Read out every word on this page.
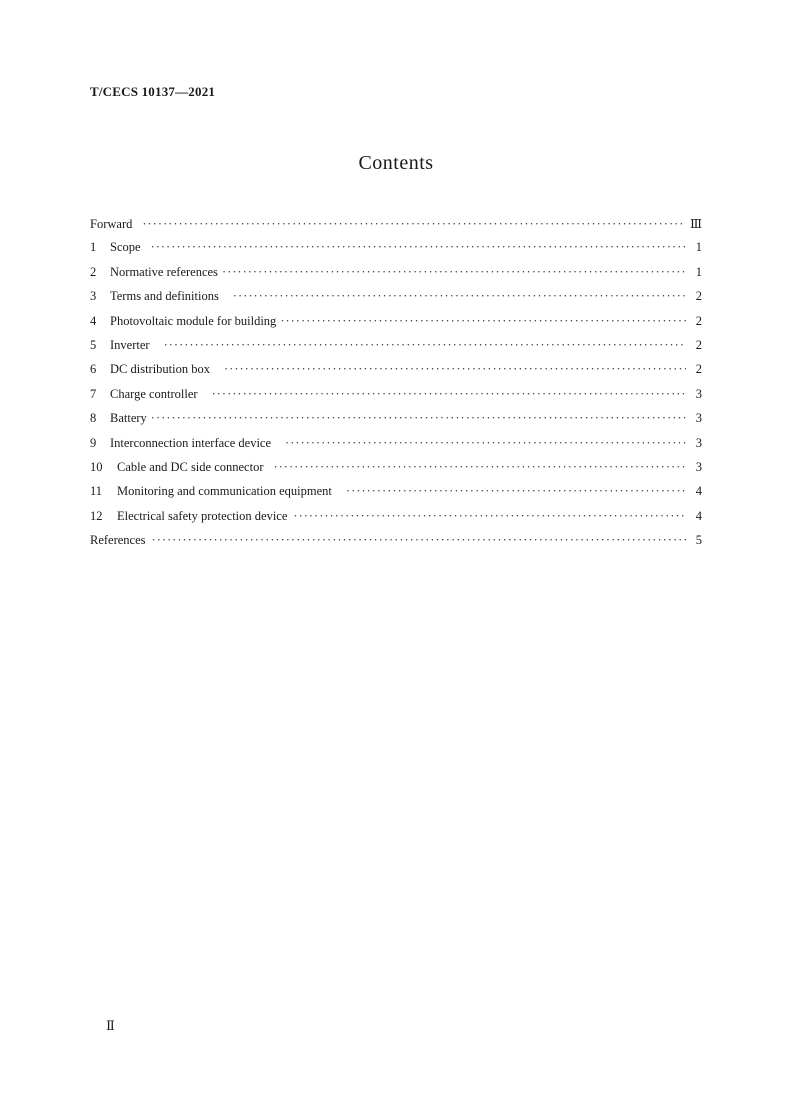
T/CECS 10137—2021
Contents
Forward ·····	Ⅲ
1	Scope ·····	1
2	Normative references ·····	1
3	Terms and definitions ·····	2
4	Photovoltaic module for building ·····	2
5	Inverter ·····	2
6	DC distribution box ·····	2
7	Charge controller ·····	3
8	Battery ·····	3
9	Interconnection interface device ·····	3
10	Cable and DC side connector ·····	3
11	Monitoring and communication equipment ·····	4
12	Electrical safety protection device ·····	4
References ·····	5
Ⅱ
